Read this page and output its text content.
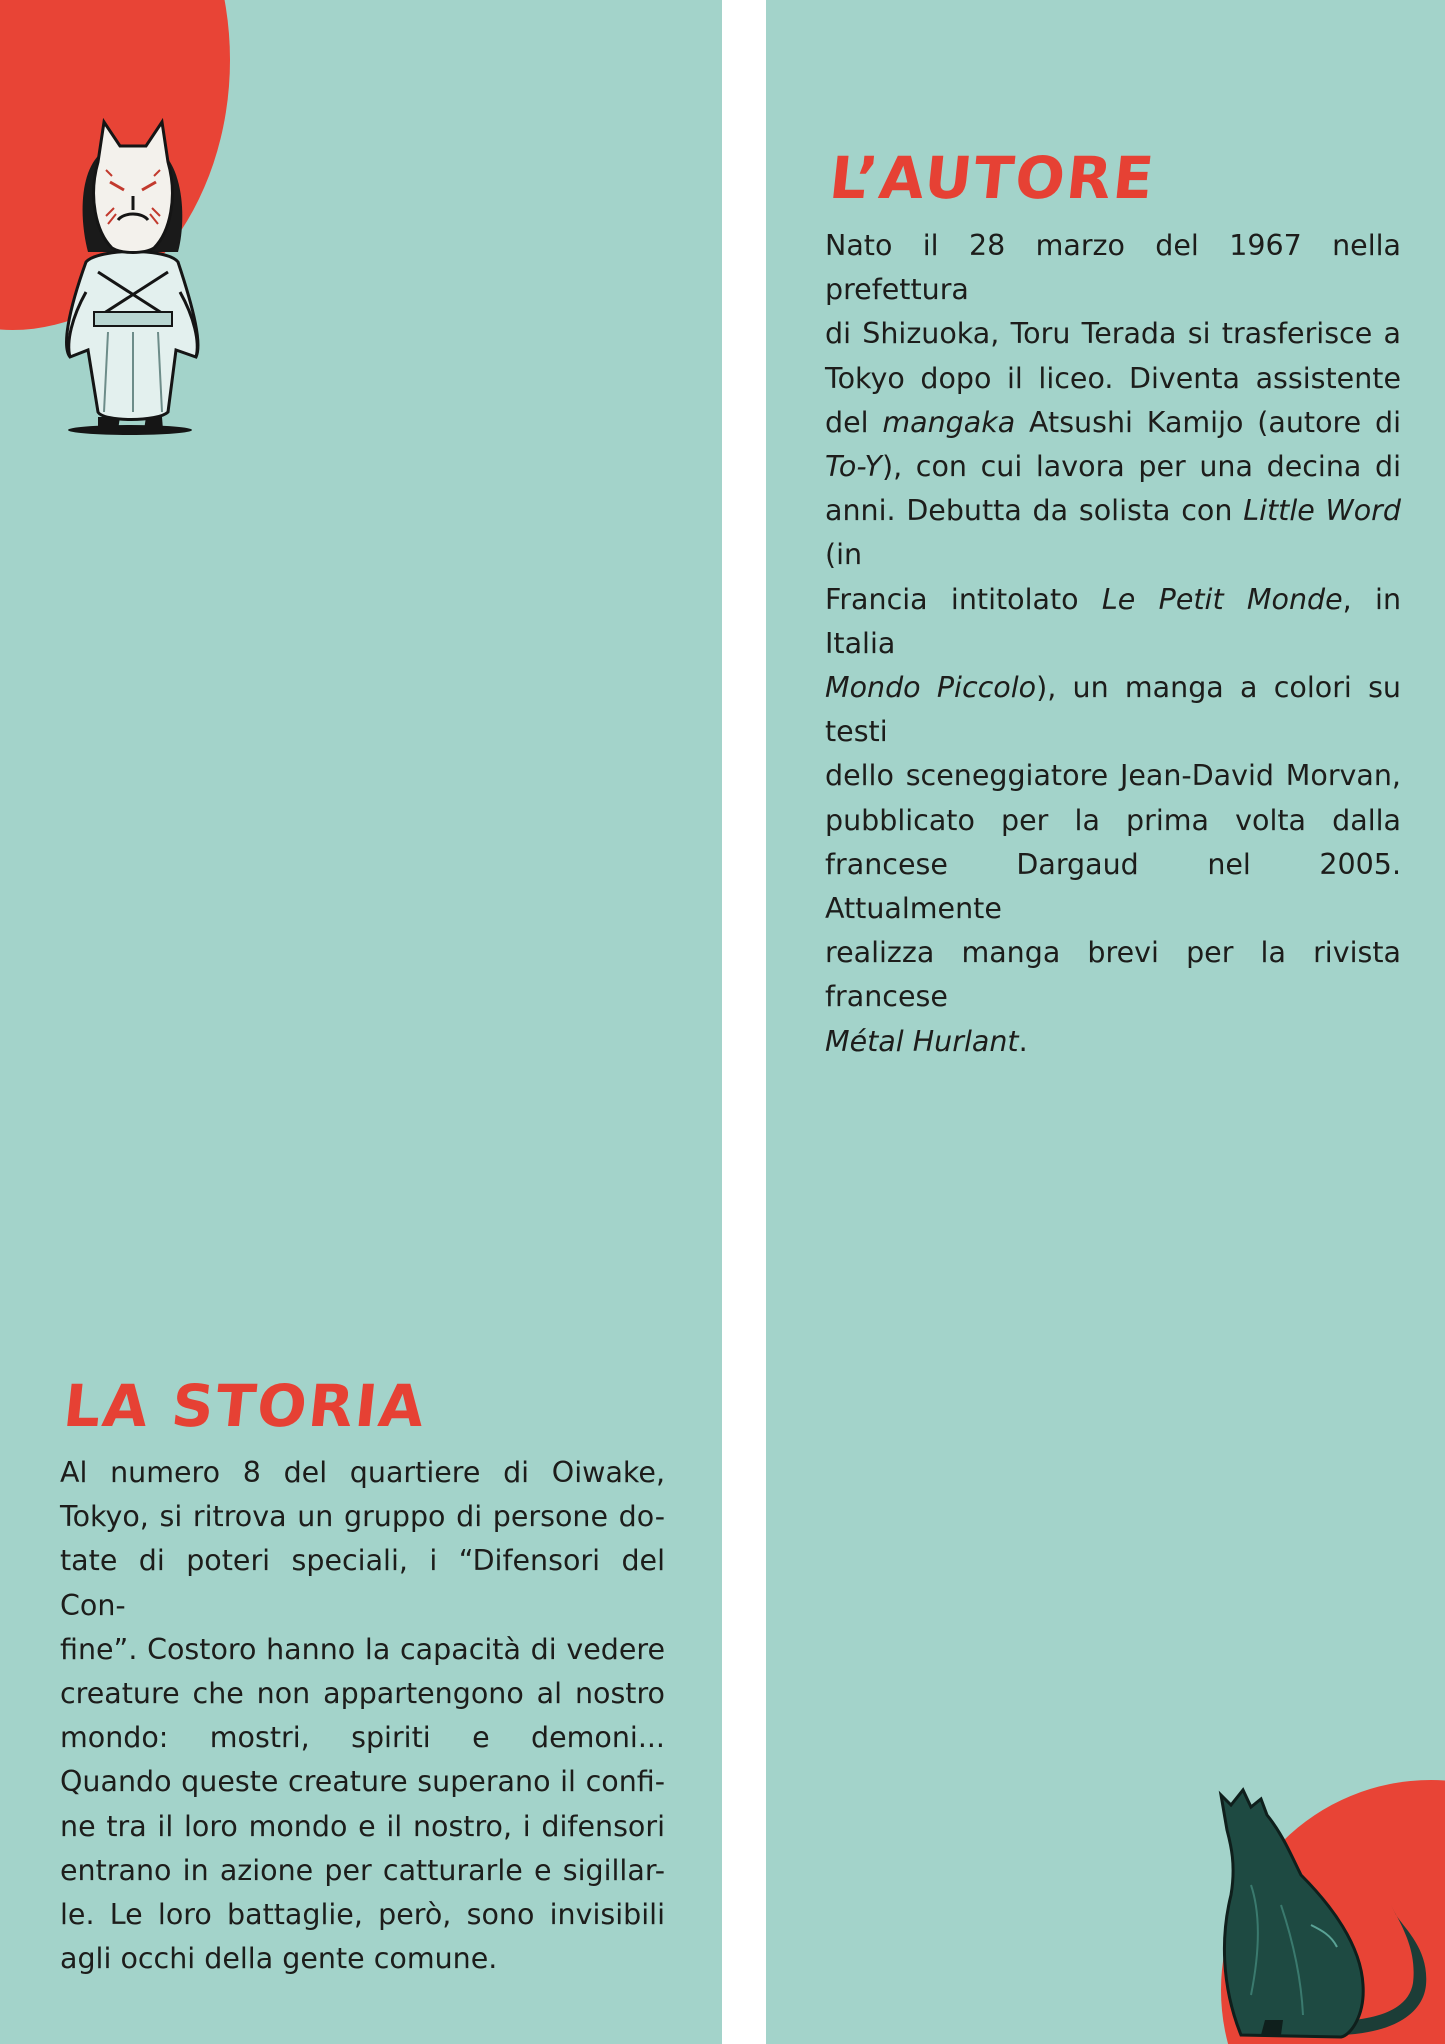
LA STORIA
Al numero 8 del quartiere di Oiwake,
Tokyo, si ritrova un gruppo di persone do-
tate di poteri speciali, i “Difensori del Con-
fine”. Costoro hanno la capacità di vedere
creature che non appartengono al nostro
mondo: mostri, spiriti e demoni...
Quando queste creature superano il confi-
ne tra il loro mondo e il nostro, i difensori
entrano in azione per catturarle e sigillar-
le. Le loro battaglie, però, sono invisibili
agli occhi della gente comune.
L’AUTORE
Nato il 28 marzo del 1967 nella prefettura
di Shizuoka, Toru Terada si trasferisce a
Tokyo dopo il liceo. Diventa assistente
del mangaka Atsushi Kamijo (autore di
To-Y), con cui lavora per una decina di
anni. Debutta da solista con Little Word (in
Francia intitolato Le Petit Monde, in Italia
Mondo Piccolo), un manga a colori su testi
dello sceneggiatore Jean-David Morvan,
pubblicato per la prima volta dalla
francese Dargaud nel 2005. Attualmente
realizza manga brevi per la rivista francese
Métal Hurlant.
